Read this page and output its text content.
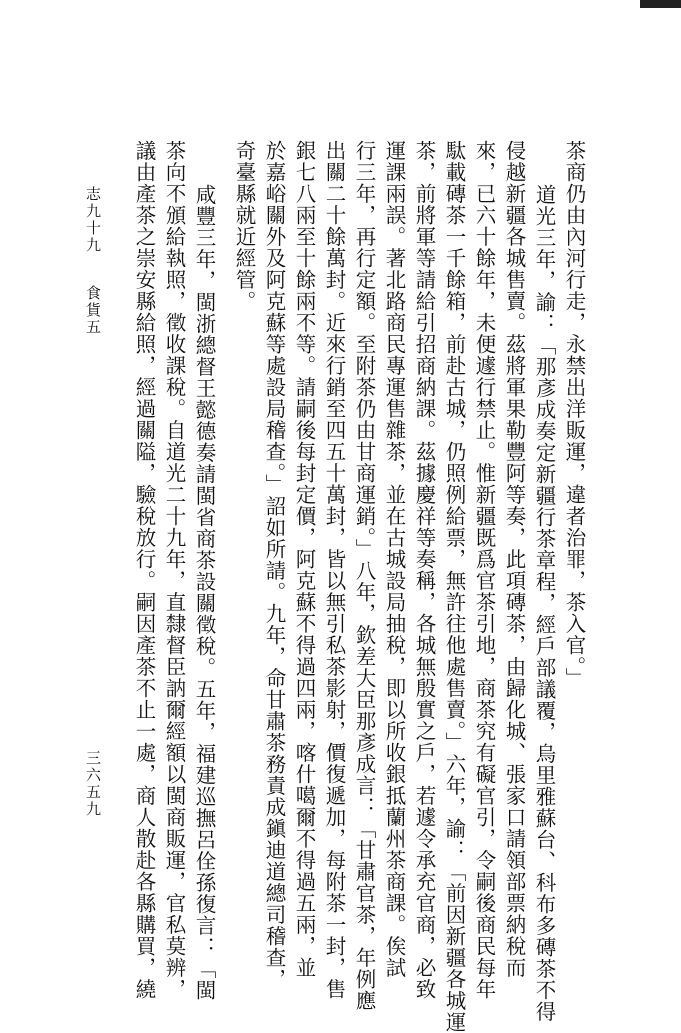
茶商仍由內河行走，永禁出洋販運，違者治罪，茶入官。」
道光三年，諭：「那彥成奏定新疆行茶章程，經戶部議覆，烏里雅蘇台、科布多磚茶不得
侵越新疆各城售賣。茲將軍果勒豐阿等奏，此項磚茶，由歸化城、張家口請領部票納稅而
來，已六十餘年，未便遽行禁止。惟新疆既爲官茶引地，商茶究有礙官引，令嗣後商民每年
駄載磚茶一千餘箱，前赴古城，仍照例給票，無許往他處售賣。」六年，諭：「前因新疆各城運
茶，前將軍等請給引招商納課。茲據慶祥等奏稱，各城無殷實之戶，若遽令承充官商，必致
運課兩誤。著北路商民專運售雜茶，並在古城設局抽稅，即以所收銀抵蘭州茶商課。俟試
行三年，再行定額。至附茶仍由甘商運銷。」八年，欽差大臣那彥成言：「甘肅官茶，年例應
出關二十餘萬封。近來行銷至四五十萬封，皆以無引私茶影射，價復遞加，每附茶一封，售
銀七八兩至十餘兩不等。請嗣後每封定價，阿克蘇不得過四兩，喀什噶爾不得過五兩，並
於嘉峪關外及阿克蘇等處設局稽查。」詔如所請。九年，命甘肅茶務責成鎭迪道總司稽查，
奇臺縣就近經管。
咸豐三年，閩浙總督王懿德奏請閩省商茶設關徵稅。五年，福建巡撫呂佺孫復言：「閩
茶向不頒給執照，徵收課稅。自道光二十九年，直隸督臣訥爾經額以閩商販運，官私莫辨，
議由產茶之崇安縣給照，經過關隘，驗稅放行。嗣因產茶不止一處，商人散赴各縣購買，繞
志九十九
食貨五
三六五九
